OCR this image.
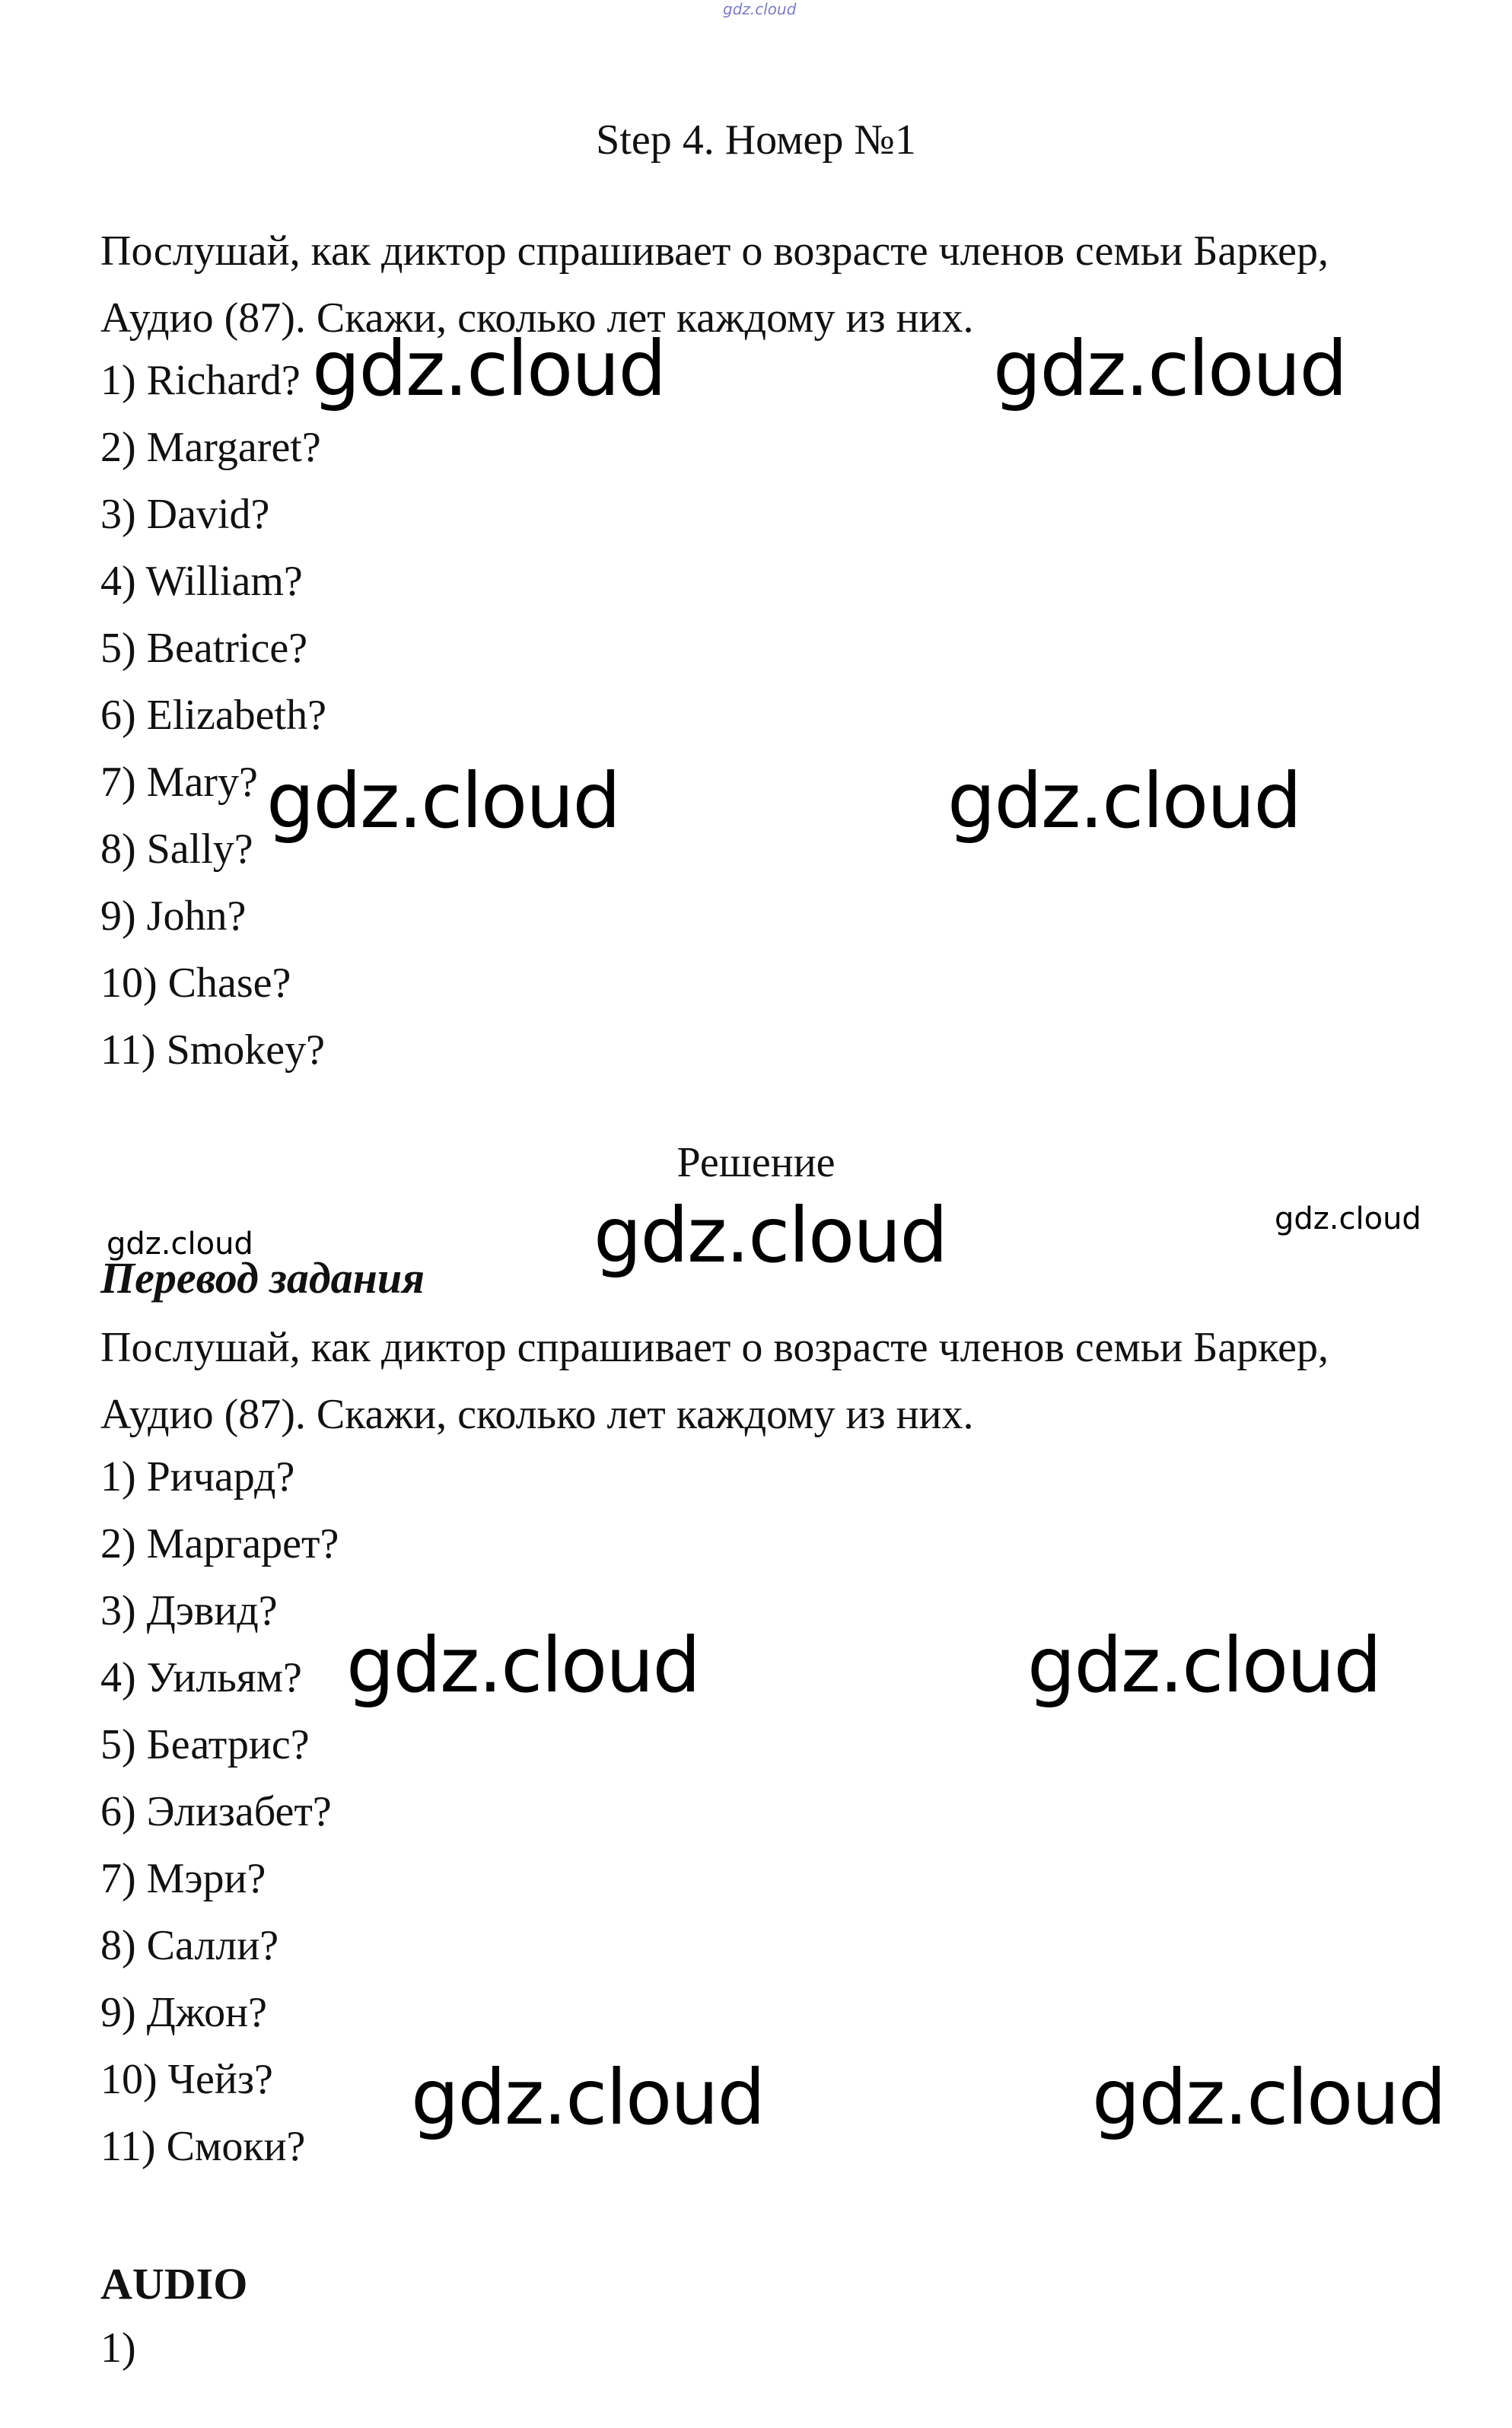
gdz.cloud
Step 4. Номер №1
Послушай, как диктор спрашивает о возрасте членов семьи Баркер,
Аудио (87). Скажи, сколько лет каждому из них.
1) Richard?
2) Margaret?
3) David?
4) William?
5) Beatrice?
6) Elizabeth?
7) Mary?
8) Sally?
9) John?
10) Chase?
11) Smokey?
Решение
Перевод задания
Послушай, как диктор спрашивает о возрасте членов семьи Баркер,
Аудио (87). Скажи, сколько лет каждому из них.
1) Ричард?
2) Маргарет?
3) Дэвид?
4) Уильям?
5) Беатрис?
6) Элизабет?
7) Мэри?
8) Салли?
9) Джон?
10) Чейз?
11) Смоки?
AUDIO
1)
gdz.cloud	gdz.cloud
gdz.cloud	gdz.cloud
gdz.cloud
gdz.cloud	gdz.cloud
gdz.cloud	gdz.cloud
gdz.cloud
gdz.cloud
